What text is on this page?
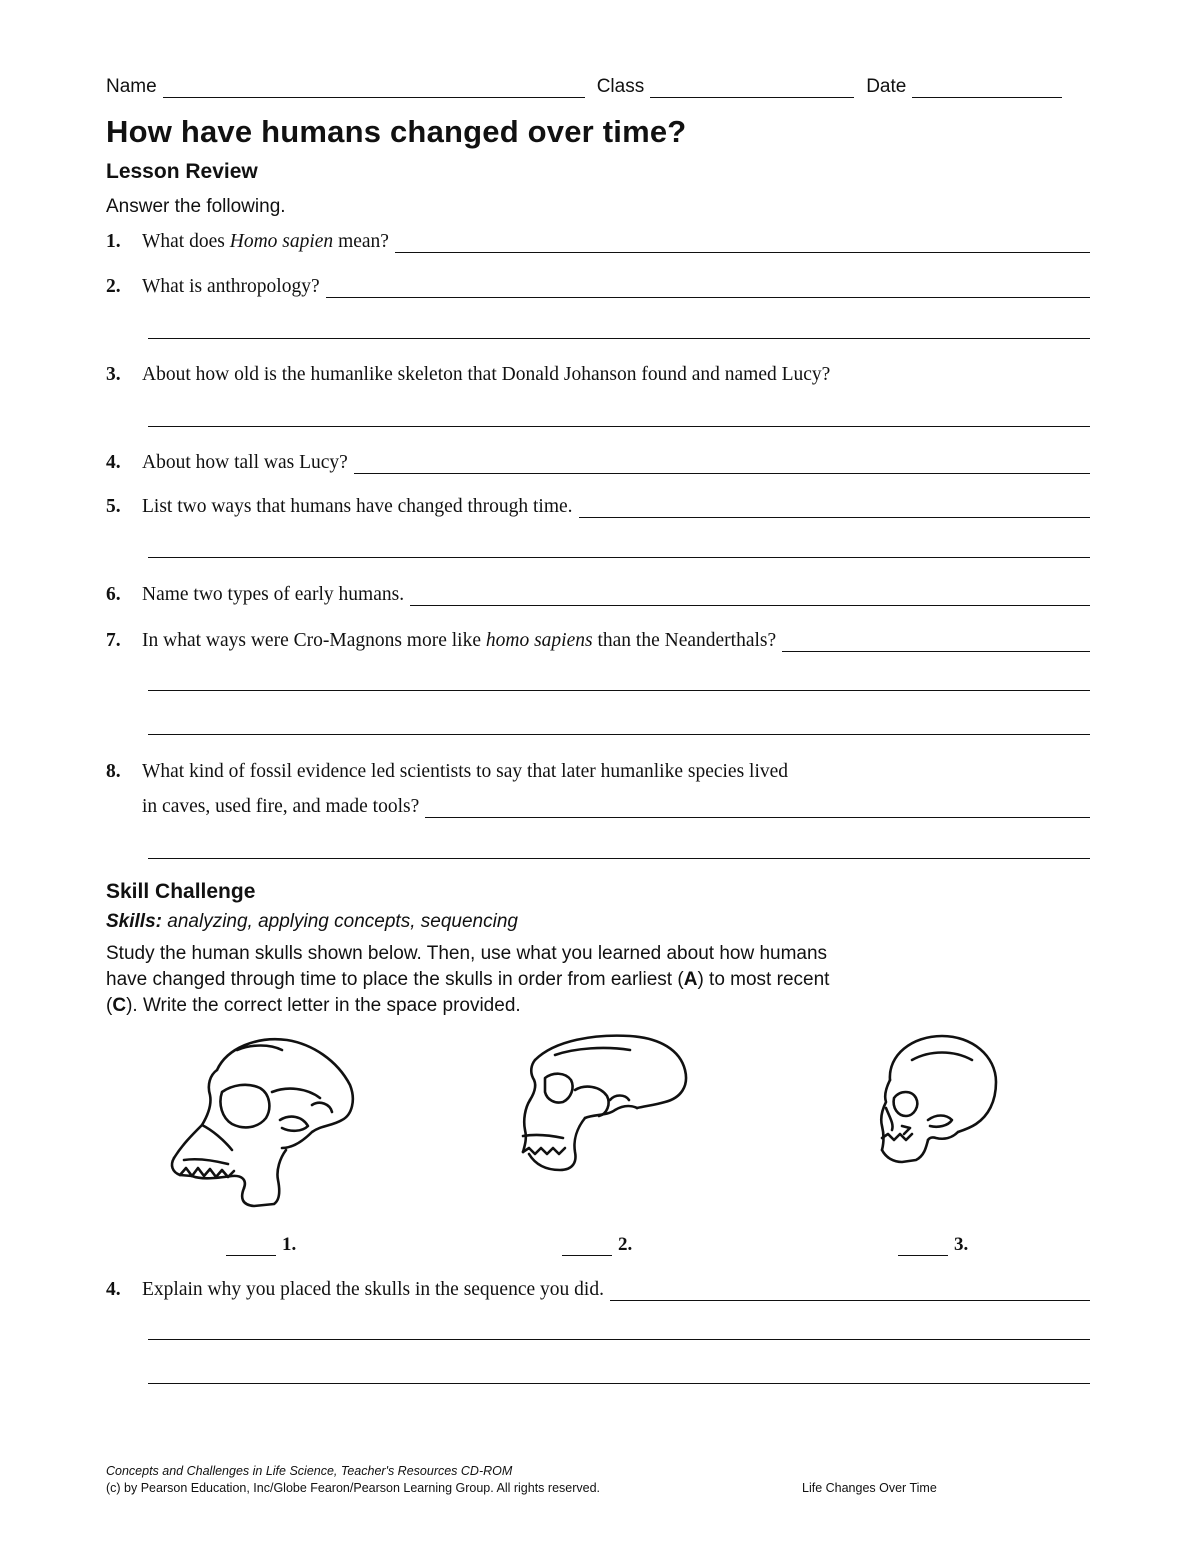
Name	Class	Date
How have humans changed over time?
Lesson Review
Answer the following.
1.	What does Homo sapien mean?
2.	What is anthropology?
3.	About how old is the humanlike skeleton that Donald Johanson found and named Lucy?
4.	About how tall was Lucy?
5.	List two ways that humans have changed through time.
6.	Name two types of early humans.
7.	In what ways were Cro-Magnons more like homo sapiens than the Neanderthals?
8.	What kind of fossil evidence led scientists to say that later humanlike species lived
in caves, used fire, and made tools?
Skill Challenge
Skills: analyzing, applying concepts, sequencing

Study the human skulls shown below. Then, use what you learned about how humans have changed through time to place the skulls in order from earliest (A) to most recent (C). Write the correct letter in the space provided.

1.	2.	3.
4.	Explain why you placed the skulls in the sequence you did.
Concepts and Challenges in Life Science, Teacher's Resources CD-ROM
(c) by Pearson Education, Inc/Globe Fearon/Pearson Learning Group. All rights reserved.	Life Changes Over Time
